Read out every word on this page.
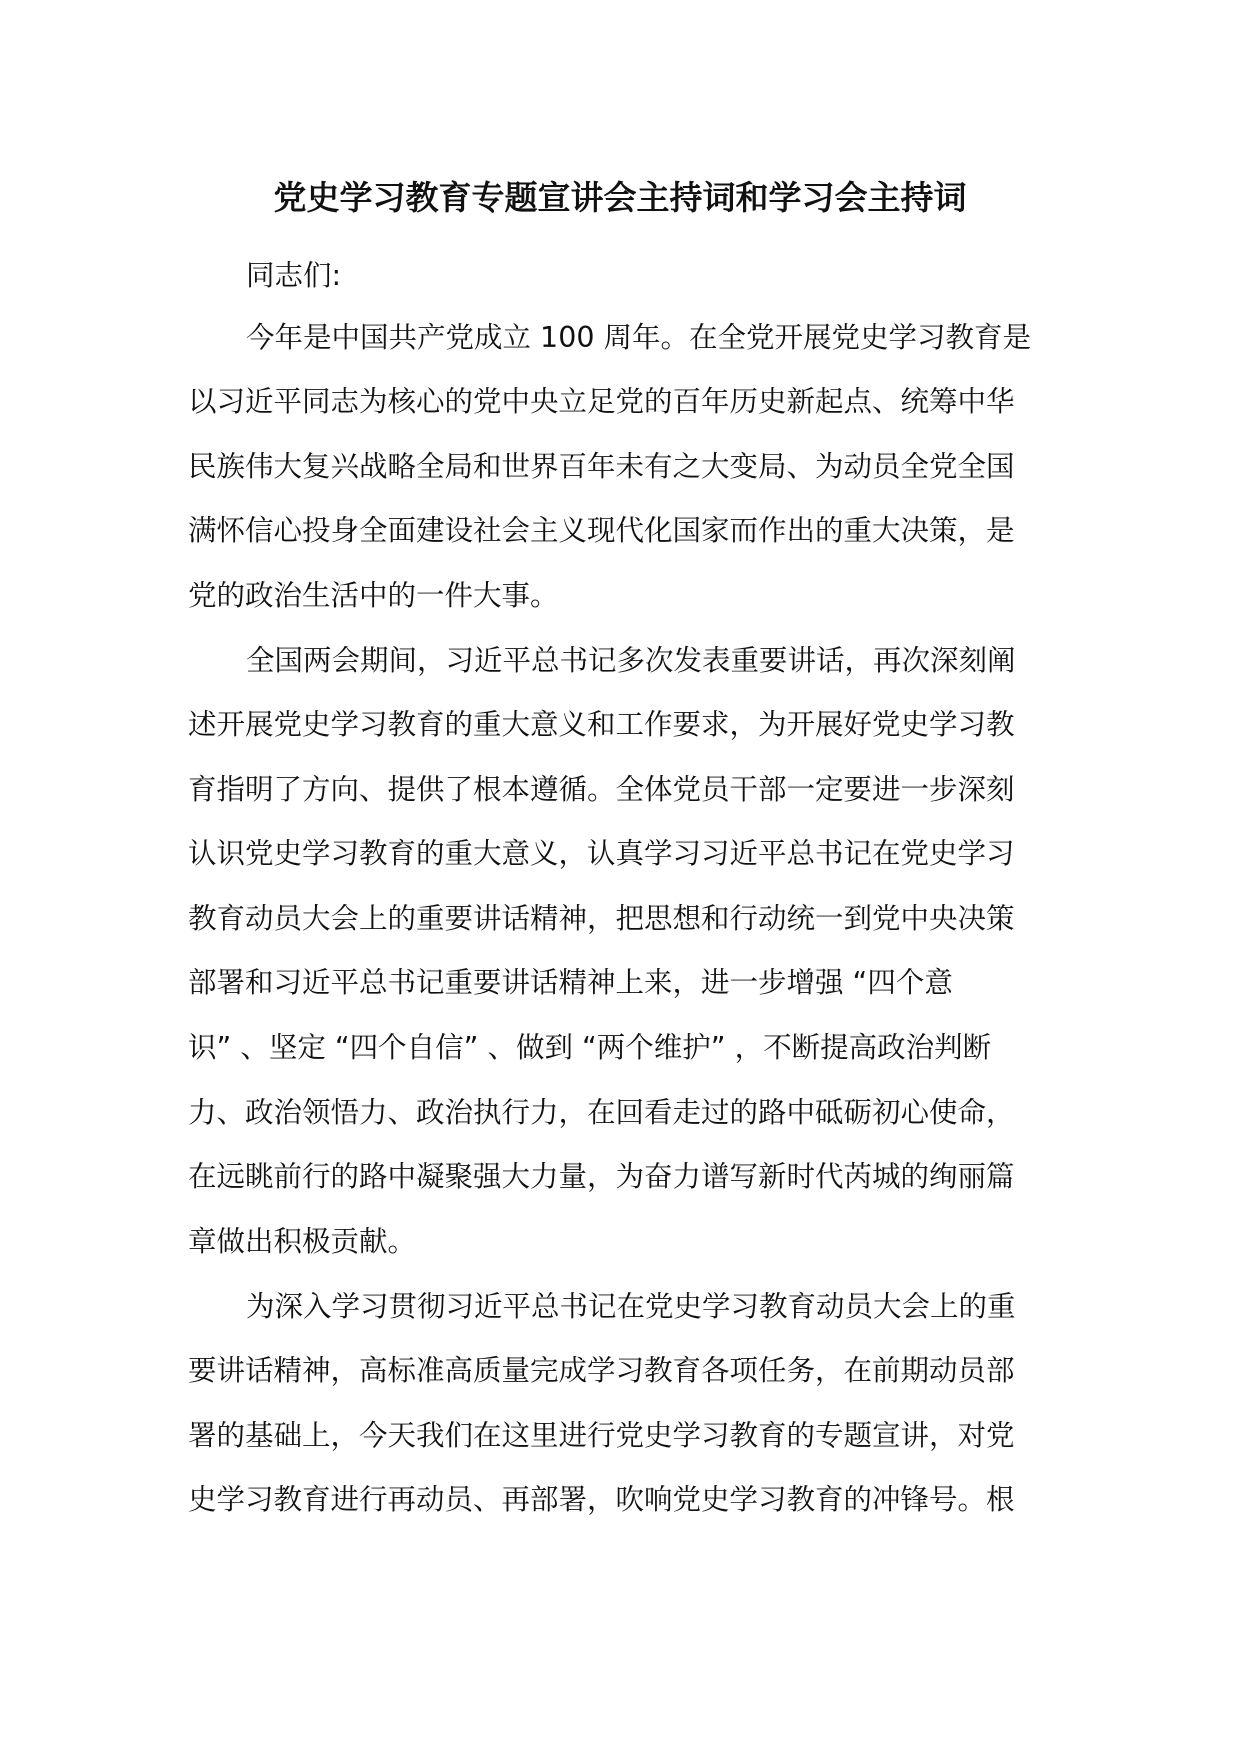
党史学习教育专题宣讲会主持词和学习会主持词
同志们:
今年是中国共产党成立 100 周年。在全党开展党史学习教育是
以习近平同志为核心的党中央立足党的百年历史新起点、统筹中华
民族伟大复兴战略全局和世界百年未有之大变局、为动员全党全国
满怀信心投身全面建设社会主义现代化国家而作出的重大决策，是
党的政治生活中的一件大事。
全国两会期间，习近平总书记多次发表重要讲话，再次深刻阐
述开展党史学习教育的重大意义和工作要求，为开展好党史学习教
育指明了方向、提供了根本遵循。全体党员干部一定要进一步深刻
认识党史学习教育的重大意义，认真学习习近平总书记在党史学习
教育动员大会上的重要讲话精神，把思想和行动统一到党中央决策
部署和习近平总书记重要讲话精神上来，进一步增强 “四个意
识” 、坚定 “四个自信” 、做到 “两个维护” ，不断提高政治判断
力、政治领悟力、政治执行力，在回看走过的路中砥砺初心使命，
在远眺前行的路中凝聚强大力量，为奋力谱写新时代芮城的绚丽篇
章做出积极贡献。
为深入学习贯彻习近平总书记在党史学习教育动员大会上的重
要讲话精神，高标准高质量完成学习教育各项任务，在前期动员部
署的基础上，今天我们在这里进行党史学习教育的专题宣讲，对党
史学习教育进行再动员、再部署，吹响党史学习教育的冲锋号。根
